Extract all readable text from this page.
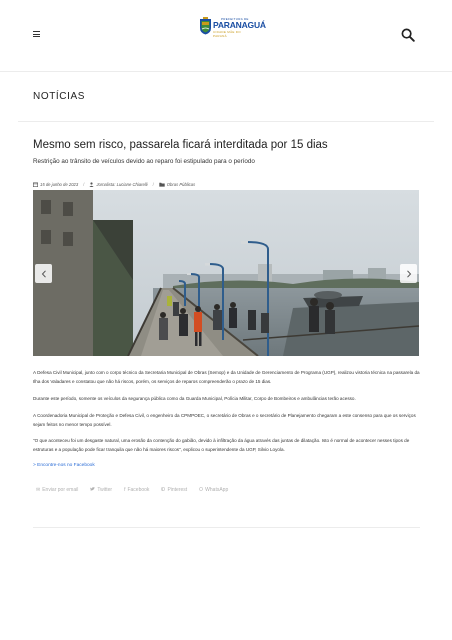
PREFEITURA DE
PARANAGUÁ
CIDADE MÃE DO PARANÁ
NOTÍCIAS
Mesmo sem risco, passarela ficará interditada por 15 dias

Restrição ao trânsito de veículos devido ao reparo foi estipulado para o período

15 de junho de 2023 /	Jornalista: Luciane Chiarelli /	Obras Públicas

A Defesa Civil Municipal, junto com o corpo técnico da Secretaria Municipal de Obras (Semop) e da Unidade de Gerenciamento de Programa (UGP), realizou vistoria técnica na passarela da Ilha dos Valadares e constatou que não há riscos, porém, os serviços de reparos compreenderão o prazo de 15 dias.

Durante este período, somente os veículos da segurança pública como da Guarda Municipal, Polícia Militar, Corpo de Bombeiros e ambulâncias terão acesso.

A Coordenadoria Municipal de Proteção e Defesa Civil, o engenheiro da CPMPOEC, o secretário de Obras e o secretário de Planejamento chegaram a este consenso para que os serviços sejam feitos no menor tempo possível.

"O que aconteceu foi um desgaste natural, uma erosão da contenção do gabião, devido à infiltração da água através das juntas de dilatação. Isto é normal de acontecer nesses tipos de estruturas e a população pode ficar tranquila que não há maiores riscos", explicou o superintendente da UGP, Silvio Loyola.

> Encontre-nos no Facebook
✉ Enviar por email	Twitter f Facebook	Pinterest	WhatsApp
